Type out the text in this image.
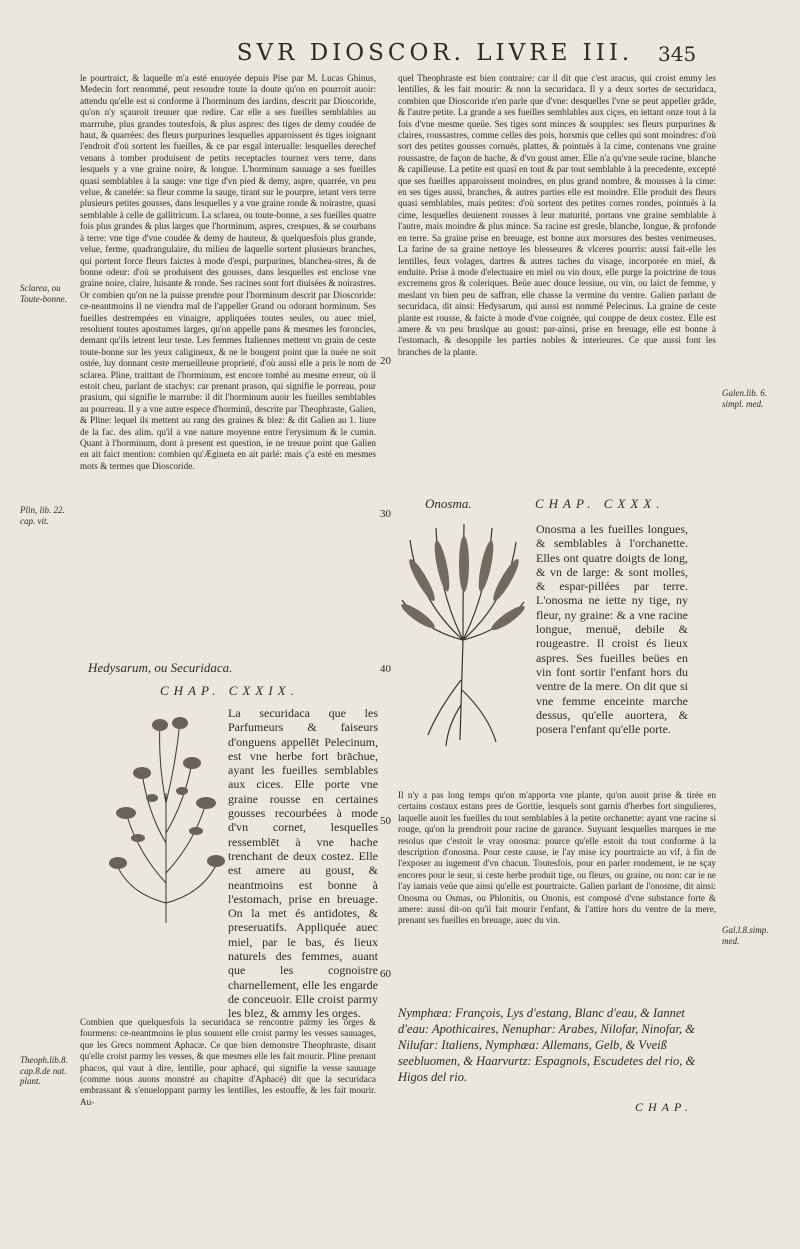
SVR DIOSCOR. LIVRE III.	345
Sclarea, ou Toute-bonne.
Plin, lib. 22. cap. vit.
Theoph.lib.8. cap.8.de nat. plant.
Galen.lib. 6. simpl. med.
Gal.l.8.simp. med.
20
30
40
50
60

le pourtraict, & laquelle m'a esté enuoyée depuis Pise par M. Lucas Ghinus, Medecin fort renommé, peut resoudre toute la doute qu'on en pourroit auoir: attendu qu'elle est si conforme à l'horminum des iardins, descrit par Dioscoride, qu'on n'y sçauroit treuuer que redire. Car elle a ses fueilles semblables au marrrube, plus grandes toutesfois, & plus aspres: des tiges de demy coudée de haut, & quarrées: des fleurs purpurines lesquelles apparoissent és tiges ioignant l'endroit d'où sortent les fueilles, & ce par esgal interualle: lesquelles derechef venans à tomber produisent de petits receptacles tournez vers terre, dans lesquels y a vne graine noire, & longue. L'horminum sauuage a ses fueilles quasi semblables à la sauge: vne tige d'vn pied & demy, aspre, quarrée, vn peu velue, & canelée: sa fleur comme la sauge, tirant sur le pourpre, ietant vers terre plusieurs petites gousses, dans lesquelles y a vne graine ronde & noirastre, quasi semblable à celle de gallitricum. La sclarea, ou toute-bonne, a ses fueilles quatre fois plus grandes & plus larges que l'horminum, aspres, crespues, & se courbans à terre: vne tige d'vne coudée & demy de hauteur, & quelquesfois plus grande, velue, ferme, quadrangulaire, du milieu de laquelle sortent plusieurs branches, qui portent force fleurs faictes à mode d'espi, purpurines, blanchea-stres, & de bonne odeur: d'où se produisent des gousses, dans lesquelles est enclose vne graine noire, claire, luisante & ronde. Ses racines sont fort diuisées & noirastres. Or combien qu'on ne la puisse prendre pour l'horminum descrit par Dioscoride: ce-neantmoins il ne viendra mal de l'appeller Grand ou odorant horminum. Ses fueilles destrempées en vinaigre, appliquées toutes seules, ou auec miel, resoluent toutes apostumes larges, qu'on appelle pans & mesmes les foroncles, demant qu'ils ietrent leur teste. Les femmes Italiennes mettent vn grain de ceste toute-bonne sur les yeux caligineux, & ne le bougent point que la nuée ne soit ostée, luy donnant ceste merueilleuse proprieté, d'où aussi elle a pris le nom de sclarea. Pline, traittant de l'horminum, est encore tombé au mesme erreur, où il estoit cheu, parlant de stachys: car prenant prason, qui signifie le porreau, pour prasium, qui signifie le marrube: il dit l'horminum auoir les fueilles semblables au pourreau. Il y a vne autre espece d'horminū, descrite par Theophraste, Galien, & Pline: lequel ils mettent au rang des graines & blez: & dit Galien au 1. liure de la fac. des alim. qu'il a vne nature moyenne entre l'erysimum & le cumin. Quant à l'horminum, dont à present est question, ie ne treuue point que Galien en ait faict mention: combien qu'Ægineta en ait parlé: mais ç'a esté en mesmes mots & termes que Dioscoride.

Hedysarum, ou Securidaca.
CHAP. CXXIX.
La securidaca que les Parfumeurs & faiseurs d'onguens appellēt Pelecinum, est vne herbe fort brāchue, ayant les fueilles semblables aux cices. Elle porte vne graine rousse en certaines gousses recourbées à mode d'vn cornet, lesquelles ressemblēt à vne hache trenchant de deux costez. Elle est amere au goust, & neantmoins est bonne à l'estomach, prise en breuage. On la met és antidotes, & preseruatifs. Appliquée auec miel, par le bas, és lieux naturels des femmes, auant que les cognoistre charnellement, elle les engarde de conceuoir. Elle croist parmy les blez, & ammy les orges.

Combien que quelquesfois la securidaca se rencontre parmy les orges & fourmens: ce-neantmoins le plus souuent elle croist parmy les vesses sauuages, que les Grecs nomment Aphacæ. Ce que bien demonstre Theophraste, disant qu'elle croist parmy les vesses, & que mesmes elle les fait mourir. Pline prenant phacos, qui vaut à dire, lentille, pour aphacé, qui signifie la vesse sauuage (comme nous auons monstré au chapitre d'Aphacé) dit que la securidaca embrassant & s'enueloppant parmy les lentilles, les estouffe, & les fait mourir. Au-

quel Theophraste est bien contraire: car il dit que c'est aracus, qui croist emmy les lentilles, & les fait mourir: & non la securidaca. Il y a deux sortes de securidaca, combien que Dioscoride n'en parle que d'vne: desquelles l'vne se peut appeller grāde, & l'autre petite. La grande a ses fueilles semblables aux ciçes, en iettant onze tout à la fois d'vne mesme queüe. Ses tiges sont minces & soupples: ses fleurs purpurines & claires, roussastres, comme celles des pois, horsmis que celles qui sont moindres: d'où sort des petites gousses cornuës, plattes, & pointuës à la cime, contenans vne graine roussastre, de façon de hache, & d'vn goust amer. Elle n'a qu'vne seule racine, blanche & capilleuse. La petite est quasi en tout & par tout semblable à la precedente, excepté que ses fueilles apparoissent moindres, en plus grand nombre, & mousses à la cime: en ses tiges aussi, branches, & autres parties elle est moindre. Elle produit des fleurs quasi semblables, mais petites: d'où sortent des petites cornes rondes, pointuës à la cime, lesquelles deuienent rousses à leur maturité, portans vne graine semblable à l'autre, mais moindre & plus mince. Sa racine est gresle, blanche, longue, & profonde en terre. Sa graine prise en breuage, est bonne aux morsures des bestes venimeuses. La farine de sa graine nettoye les blesseures & vlceres pourris: aussi fait-elle les lentilles, feux volages, dartres & autres taches du visage, incorporée en miel, & enduite. Prise à mode d'electuaire en miel ou vin doux, elle purge la poictrine de tous excremens gros & coleriques. Beüe auec douce lessiue, ou vin, ou laict de femme, y meslant vn bien peu de saffran, elle chasse la vermine du ventre. Galien parlant de securidaca, dit ainsi: Hedysarum, qui aussi est nommé Pelecinus. La graine de ceste plante est rousse, & faicte à mode d'vne coignée, qui couppe de deux costez. Elle est amere & vn peu bruslque au goust: par-ainsi, prise en breuage, elle est bonne à l'estomach, & desoppile les parties nobles & interieures. Ce que aussi font les branches de la plante.

Onosma.	CHAP. CXXX.
Onosma a les fueilles longues, & semblables à l'orchanette. Elles ont quatre doigts de long, & vn de large: & sont molles, & espar-pillées par terre. L'onosma ne iette ny tige, ny fleur, ny graine: & a vne racine longue, menuë, debile & rougeastre. Il croist és lieux aspres. Ses fueilles beües en vin font sortir l'enfant hors du ventre de la mere. On dit que si vne femme enceinte marche dessus, qu'elle auortera, & posera l'enfant qu'elle porte.

Il n'y a pas long temps qu'on m'apporta vne plante, qu'on auoit prise & tirée en certains costaux estans pres de Goritie, lesquels sont garnis d'herbes fort singulieres, laquelle auoit les fueilles du tout semblables à la petite orchanette: ayant vne racine si rouge, qu'on la prendroit pour racine de garance. Suyuant lesquelles marques ie me resolus que c'estoit le vray onosma: pource qu'elle estoit du tout conforme à la description d'onosma. Pour ceste cause, ie l'ay mise icy pourtraicte au vif, à fin de l'exposer au iugement d'vn chacun. Toutesfois, pour en parler rondement, ie ne sçay encores pour le seur, si ceste herbe produit tige, ou fleurs, ou graine, ou non: car ie ne l'ay iamais veüe que ainsi qu'elle est pourtraicte. Galien parlant de l'onosme, dit ainsi: Onosma ou Osmas, ou Phlonitis, ou Ononis, est composé d'vne substance forte & amere: aussi dit-on qu'il fait mourir l'enfant, & l'attire hors du ventre de la mere, prenant ses fueilles en breuage, auec du vin.

Nymphæa: François, Lys d'estang, Blanc d'eau, & Iannet d'eau: Apothicaires, Nenuphar: Arabes, Nilofar, Ninofar, & Nilufar: Italiens, Nymphæa: Allemans, Gelb, & Vveiß seebluomen, & Haarvurtz: Espagnols, Escudetes del rio, & Higos del rio.
CHAP.
